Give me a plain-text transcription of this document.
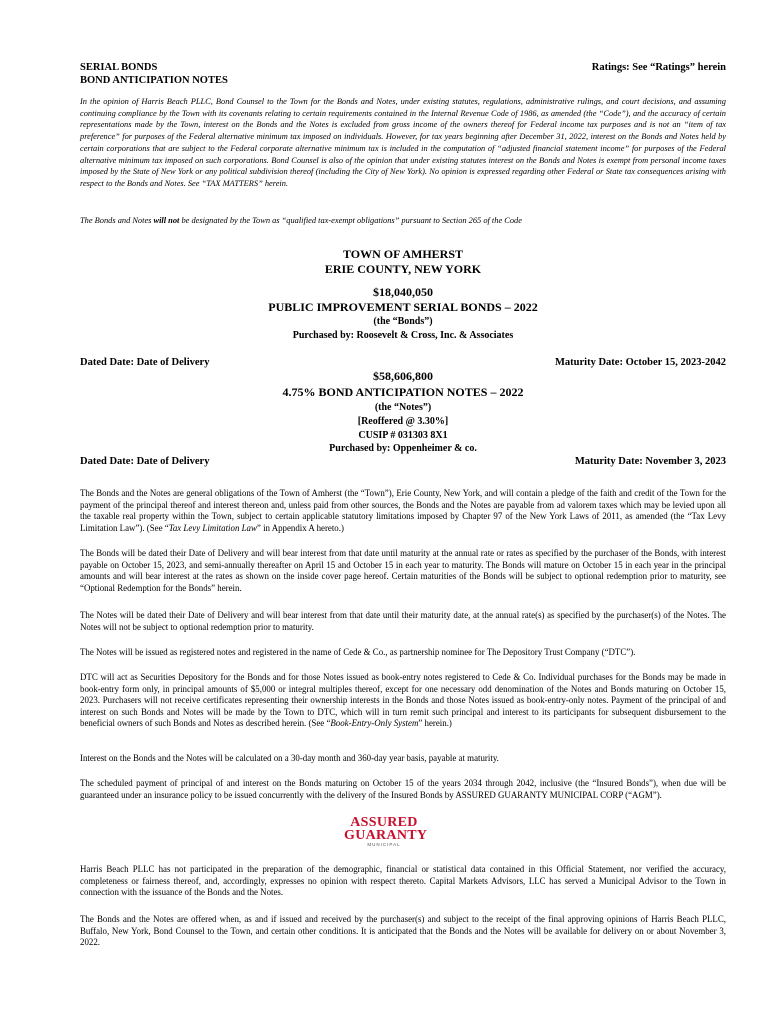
SERIAL BONDS
BOND ANTICIPATION NOTES
Ratings: See “Ratings” herein
In the opinion of Harris Beach PLLC, Bond Counsel to the Town for the Bonds and Notes, under existing statutes, regulations, administrative rulings, and court decisions, and assuming continuing compliance by the Town with its covenants relating to certain requirements contained in the Internal Revenue Code of 1986, as amended (the “Code”), and the accuracy of certain representations made by the Town, interest on the Bonds and the Notes is excluded from gross income of the owners thereof for Federal income tax purposes and is not an “item of tax preference” for purposes of the Federal alternative minimum tax imposed on individuals. However, for tax years beginning after December 31, 2022, interest on the Bonds and Notes held by certain corporations that are subject to the Federal corporate alternative minimum tax is included in the computation of “adjusted financial statement income” for purposes of the Federal alternative minimum tax imposed on such corporations. Bond Counsel is also of the opinion that under existing statutes interest on the Bonds and Notes is exempt from personal income taxes imposed by the State of New York or any political subdivision thereof (including the City of New York). No opinion is expressed regarding other Federal or State tax consequences arising with respect to the Bonds and Notes. See “TAX MATTERS” herein.
The Bonds and Notes will not be designated by the Town as “qualified tax-exempt obligations” pursuant to Section 265 of the Code
TOWN OF AMHERST
ERIE COUNTY, NEW YORK
$18,040,050
PUBLIC IMPROVEMENT SERIAL BONDS – 2022
(the “Bonds”)
Purchased by: Roosevelt & Cross, Inc. & Associates
Dated Date: Date of Delivery	Maturity Date: October 15, 2023-2042
$58,606,800
4.75% BOND ANTICIPATION NOTES – 2022
(the “Notes”)
[Reoffered @ 3.30%]
CUSIP # 031303 8X1
Purchased by: Oppenheimer & co.
Dated Date: Date of Delivery	Maturity Date: November 3, 2023
The Bonds and the Notes are general obligations of the Town of Amherst (the “Town”), Erie County, New York, and will contain a pledge of the faith and credit of the Town for the payment of the principal thereof and interest thereon and, unless paid from other sources, the Bonds and the Notes are payable from ad valorem taxes which may be levied upon all the taxable real property within the Town, subject to certain applicable statutory limitations imposed by Chapter 97 of the New York Laws of 2011, as amended (the “Tax Levy Limitation Law”). (See “Tax Levy Limitation Law” in Appendix A hereto.)
The Bonds will be dated their Date of Delivery and will bear interest from that date until maturity at the annual rate or rates as specified by the purchaser of the Bonds, with interest payable on October 15, 2023, and semi-annually thereafter on April 15 and October 15 in each year to maturity. The Bonds will mature on October 15 in each year in the principal amounts and will bear interest at the rates as shown on the inside cover page hereof. Certain maturities of the Bonds will be subject to optional redemption prior to maturity, see “Optional Redemption for the Bonds” herein.
The Notes will be dated their Date of Delivery and will bear interest from that date until their maturity date, at the annual rate(s) as specified by the purchaser(s) of the Notes. The Notes will not be subject to optional redemption prior to maturity.
The Notes will be issued as registered notes and registered in the name of Cede & Co., as partnership nominee for The Depository Trust Company (“DTC”).
DTC will act as Securities Depository for the Bonds and for those Notes issued as book-entry notes registered to Cede & Co. Individual purchases for the Bonds may be made in book-entry form only, in principal amounts of $5,000 or integral multiples thereof, except for one necessary odd denomination of the Notes and Bonds maturing on October 15, 2023. Purchasers will not receive certificates representing their ownership interests in the Bonds and those Notes issued as book-entry-only notes. Payment of the principal of and interest on such Bonds and Notes will be made by the Town to DTC, which will in turn remit such principal and interest to its participants for subsequent disbursement to the beneficial owners of such Bonds and Notes as described herein. (See “Book-Entry-Only System” herein.)
Interest on the Bonds and the Notes will be calculated on a 30-day month and 360-day year basis, payable at maturity.
The scheduled payment of principal of and interest on the Bonds maturing on October 15 of the years 2034 through 2042, inclusive (the “Insured Bonds”), when due will be guaranteed under an insurance policy to be issued concurrently with the delivery of the Insured Bonds by ASSURED GUARANTY MUNICIPAL CORP (“AGM”).
ASSURED
GUARANTY
MUNICIPAL
Harris Beach PLLC has not participated in the preparation of the demographic, financial or statistical data contained in this Official Statement, nor verified the accuracy, completeness or fairness thereof, and, accordingly, expresses no opinion with respect thereto. Capital Markets Advisors, LLC has served a Municipal Advisor to the Town in connection with the issuance of the Bonds and the Notes.
The Bonds and the Notes are offered when, as and if issued and received by the purchaser(s) and subject to the receipt of the final approving opinions of Harris Beach PLLC, Buffalo, New York, Bond Counsel to the Town, and certain other conditions. It is anticipated that the Bonds and the Notes will be available for delivery on or about November 3, 2022.
